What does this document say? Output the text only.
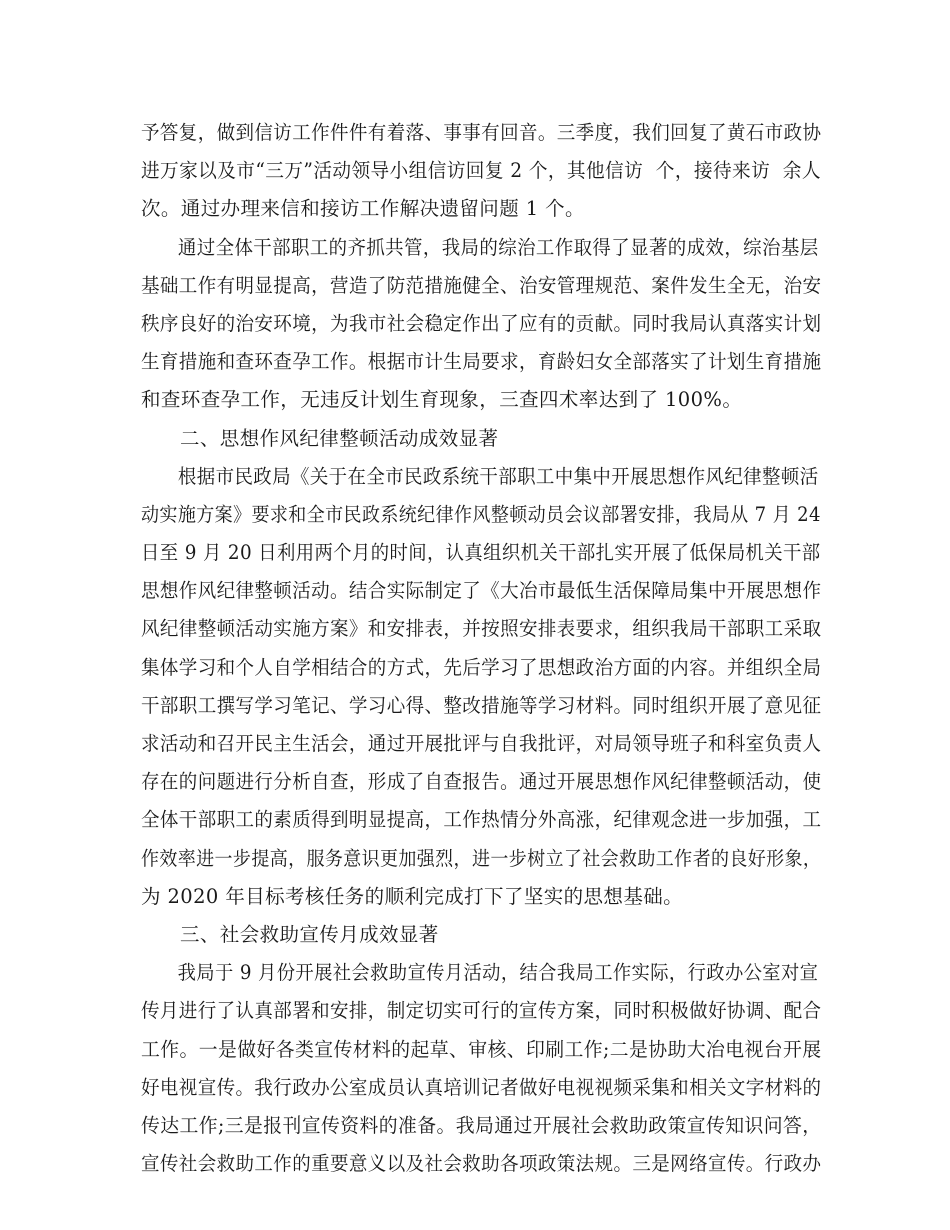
予答复，做到信访工作件件有着落、事事有回音。三季度，我们回复了黄石市政协
进万家以及市“三万”活动领导小组信访回复 2 个，其他信访  个，接待来访  余人
次。通过办理来信和接访工作解决遗留问题 1 个。
通过全体干部职工的齐抓共管，我局的综治工作取得了显著的成效，综治基层
基础工作有明显提高，营造了防范措施健全、治安管理规范、案件发生全无，治安
秩序良好的治安环境，为我市社会稳定作出了应有的贡献。同时我局认真落实计划
生育措施和查环查孕工作。根据市计生局要求，育龄妇女全部落实了计划生育措施
和查环查孕工作，无违反计划生育现象，三查四术率达到了 100%。
二、思想作风纪律整顿活动成效显著
根据市民政局《关于在全市民政系统干部职工中集中开展思想作风纪律整顿活
动实施方案》要求和全市民政系统纪律作风整顿动员会议部署安排，我局从 7 月 24
日至 9 月 20 日利用两个月的时间，认真组织机关干部扎实开展了低保局机关干部
思想作风纪律整顿活动。结合实际制定了《大冶市最低生活保障局集中开展思想作
风纪律整顿活动实施方案》和安排表，并按照安排表要求，组织我局干部职工采取
集体学习和个人自学相结合的方式，先后学习了思想政治方面的内容。并组织全局
干部职工撰写学习笔记、学习心得、整改措施等学习材料。同时组织开展了意见征
求活动和召开民主生活会，通过开展批评与自我批评，对局领导班子和科室负责人
存在的问题进行分析自查，形成了自查报告。通过开展思想作风纪律整顿活动，使
全体干部职工的素质得到明显提高，工作热情分外高涨，纪律观念进一步加强，工
作效率进一步提高，服务意识更加强烈，进一步树立了社会救助工作者的良好形象，
为 2020 年目标考核任务的顺利完成打下了坚实的思想基础。
三、社会救助宣传月成效显著
我局于 9 月份开展社会救助宣传月活动，结合我局工作实际，行政办公室对宣
传月进行了认真部署和安排，制定切实可行的宣传方案，同时积极做好协调、配合
工作。一是做好各类宣传材料的起草、审核、印刷工作;二是协助大冶电视台开展
好电视宣传。我行政办公室成员认真培训记者做好电视视频采集和相关文字材料的
传达工作;三是报刊宣传资料的准备。我局通过开展社会救助政策宣传知识问答，
宣传社会救助工作的重要意义以及社会救助各项政策法规。三是网络宣传。行政办
